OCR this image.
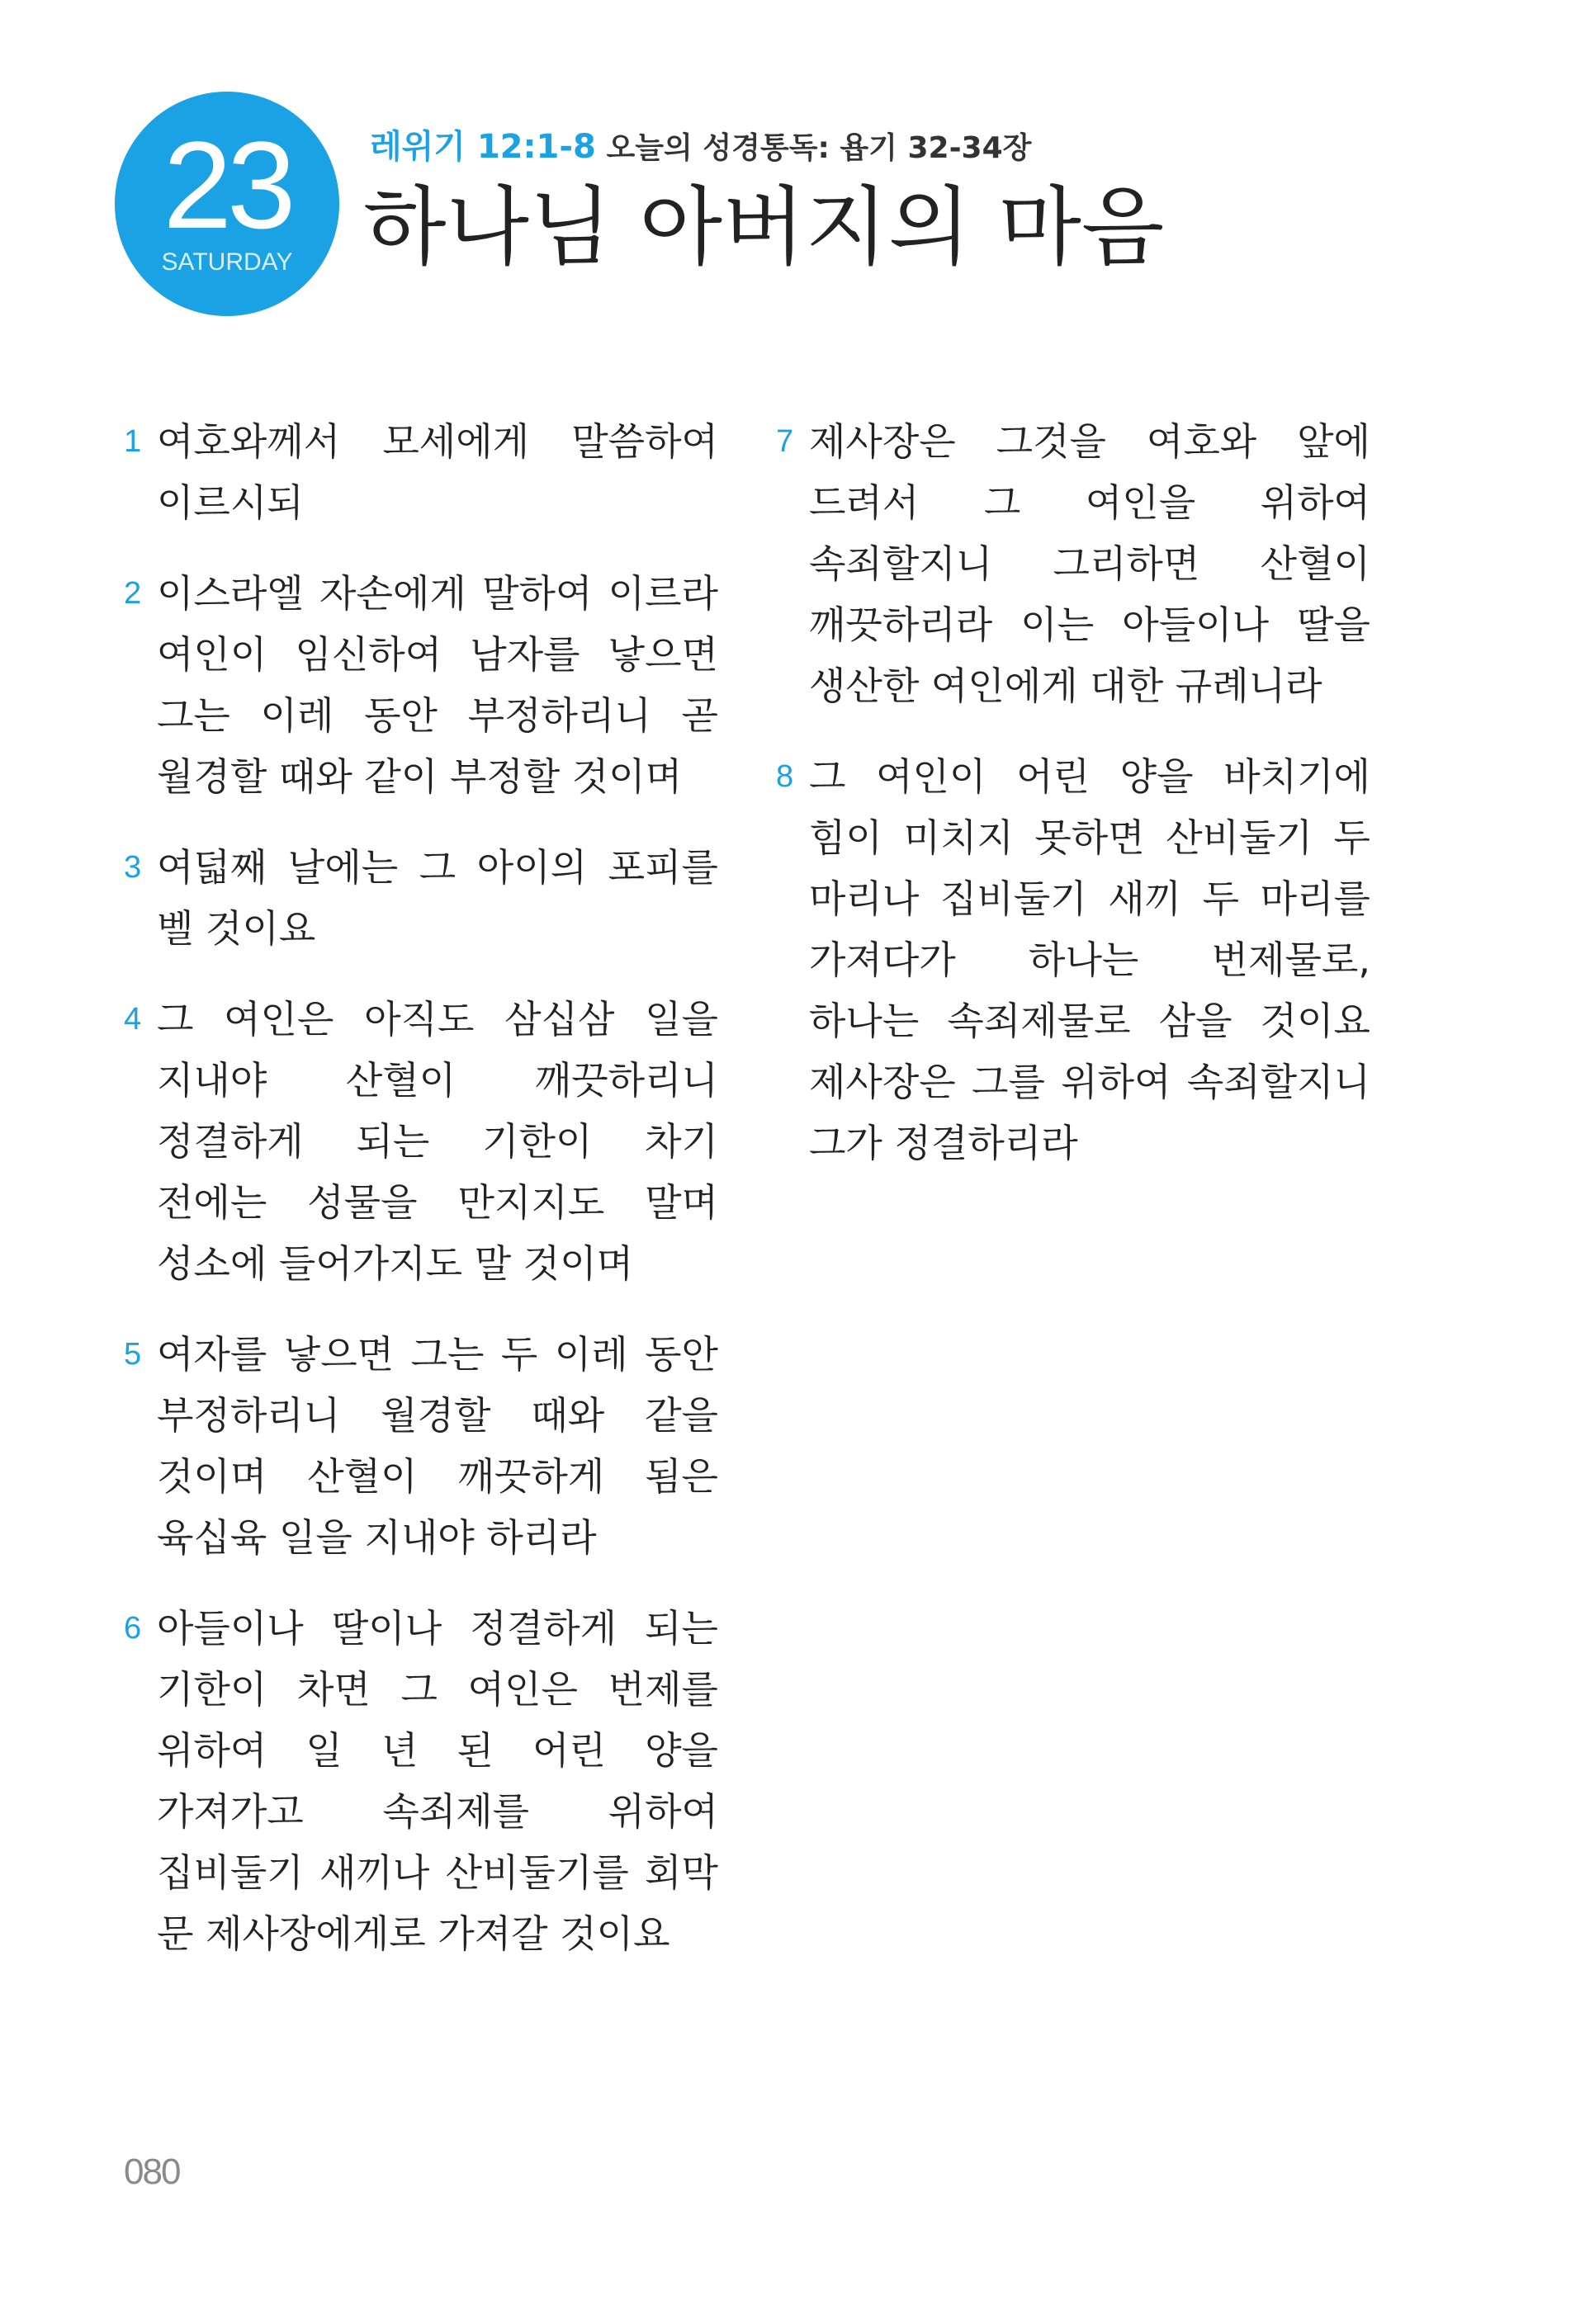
23
SATURDAY
레위기 12:1-8 오늘의 성경통독: 욥기 32-34장
하나님 아버지의 마음
1 여호와께서 모세에게 말씀하여 이르시되
2 이스라엘 자손에게 말하여 이르라 여인이 임신하여 남자를 낳으면 그는 이레 동안 부정하리니 곧 월경할 때와 같이 부정할 것이며
3 여덟째 날에는 그 아이의 포피를 벨 것이요
4 그 여인은 아직도 삼십삼 일을 지내야 산혈이 깨끗하리니 정결하게 되는 기한이 차기 전에는 성물을 만지지도 말며 성소에 들어가지도 말 것이며
5 여자를 낳으면 그는 두 이레 동안 부정하리니 월경할 때와 같을 것이며 산혈이 깨끗하게 됨은 육십육 일을 지내야 하리라
6 아들이나 딸이나 정결하게 되는 기한이 차면 그 여인은 번제를 위하여 일 년 된 어린 양을 가져가고 속죄제를 위하여 집비둘기 새끼나 산비둘기를 회막 문 제사장에게로 가져갈 것이요
7 제사장은 그것을 여호와 앞에 드려서 그 여인을 위하여 속죄할지니 그리하면 산혈이 깨끗하리라 이는 아들이나 딸을 생산한 여인에게 대한 규례니라
8 그 여인이 어린 양을 바치기에 힘이 미치지 못하면 산비둘기 두 마리나 집비둘기 새끼 두 마리를 가져다가 하나는 번제물로, 하나는 속죄제물로 삼을 것이요 제사장은 그를 위하여 속죄할지니 그가 정결하리라
080
